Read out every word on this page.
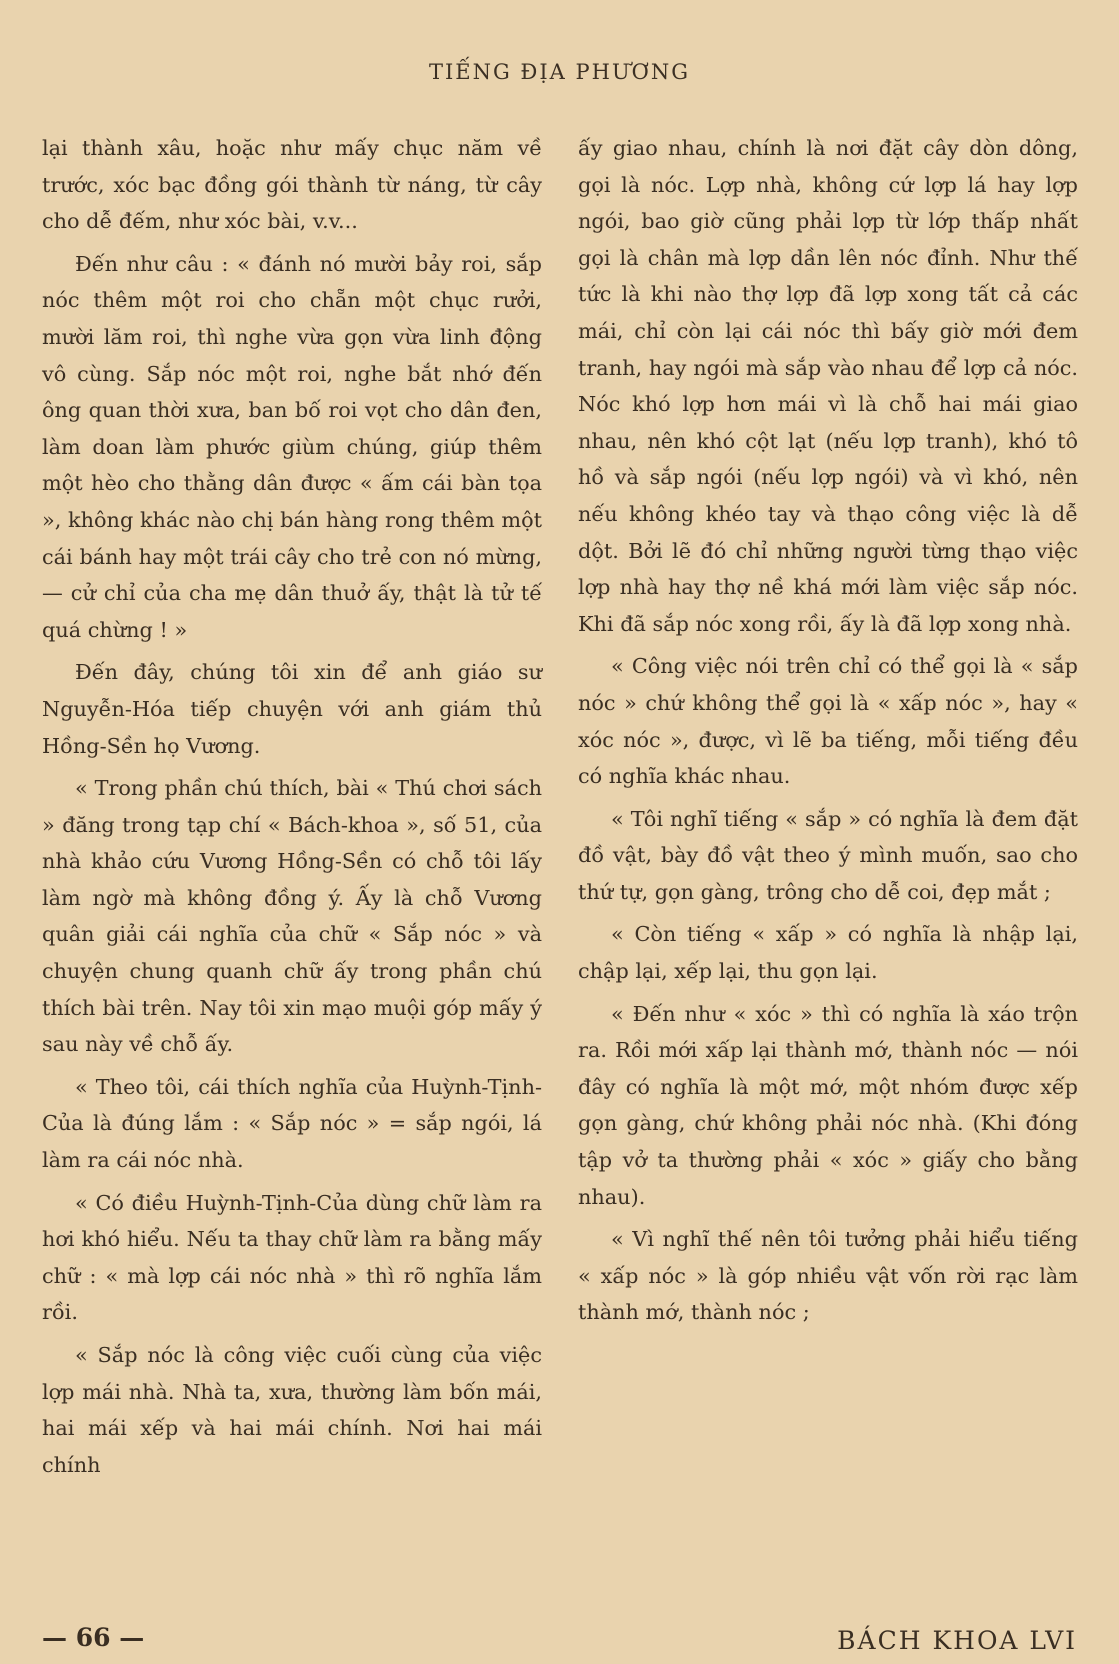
TIẾNG ĐỊA PHƯƠNG

lại thành xâu, hoặc như mấy chục năm về trước, xóc bạc đồng gói thành từ náng, từ cây cho dễ đếm, như xóc bài, v.v...

Đến như câu : « đánh nó mười bảy roi, sắp nóc thêm một roi cho chẵn một chục rưởi, mười lăm roi, thì nghe vừa gọn vừa linh động vô cùng. Sắp nóc một roi, nghe bắt nhớ đến ông quan thời xưa, ban bố roi vọt cho dân đen, làm doan làm phước giùm chúng, giúp thêm một hèo cho thằng dân được « ấm cái bàn tọa », không khác nào chị bán hàng rong thêm một cái bánh hay một trái cây cho trẻ con nó mừng, — cử chỉ của cha mẹ dân thuở ấy, thật là tử tế quá chừng ! »

Đến đây, chúng tôi xin để anh giáo sư Nguyễn-Hóa tiếp chuyện với anh giám thủ Hồng-Sền họ Vương.

« Trong phần chú thích, bài « Thú chơi sách » đăng trong tạp chí « Bách-khoa », số 51, của nhà khảo cứu Vương Hồng-Sền có chỗ tôi lấy làm ngờ mà không đồng ý. Ấy là chỗ Vương quân giải cái nghĩa của chữ « Sắp nóc » và chuyện chung quanh chữ ấy trong phần chú thích bài trên. Nay tôi xin mạo muội góp mấy ý sau này về chỗ ấy.

« Theo tôi, cái thích nghĩa của Huỳnh-Tịnh-Của là đúng lắm : « Sắp nóc » = sắp ngói, lá làm ra cái nóc nhà.

« Có điều Huỳnh-Tịnh-Của dùng chữ làm ra hơi khó hiểu. Nếu ta thay chữ làm ra bằng mấy chữ : « mà lợp cái nóc nhà » thì rõ nghĩa lắm rồi.

« Sắp nóc là công việc cuối cùng của việc lợp mái nhà. Nhà ta, xưa, thường làm bốn mái, hai mái xếp và hai mái chính. Nơi hai mái chính

ấy giao nhau, chính là nơi đặt cây dòn dông, gọi là nóc. Lợp nhà, không cứ lợp lá hay lợp ngói, bao giờ cũng phải lợp từ lớp thấp nhất gọi là chân mà lợp dần lên nóc đỉnh. Như thế tức là khi nào thợ lợp đã lợp xong tất cả các mái, chỉ còn lại cái nóc thì bấy giờ mới đem tranh, hay ngói mà sắp vào nhau để lợp cả nóc. Nóc khó lợp hơn mái vì là chỗ hai mái giao nhau, nên khó cột lạt (nếu lợp tranh), khó tô hồ và sắp ngói (nếu lợp ngói) và vì khó, nên nếu không khéo tay và thạo công việc là dễ dột. Bởi lẽ đó chỉ những người từng thạo việc lợp nhà hay thợ nề khá mới làm việc sắp nóc. Khi đã sắp nóc xong rồi, ấy là đã lợp xong nhà.

« Công việc nói trên chỉ có thể gọi là « sắp nóc » chứ không thể gọi là « xấp nóc », hay « xóc nóc », được, vì lẽ ba tiếng, mỗi tiếng đều có nghĩa khác nhau.

« Tôi nghĩ tiếng « sắp » có nghĩa là đem đặt đồ vật, bày đồ vật theo ý mình muốn, sao cho thứ tự, gọn gàng, trông cho dễ coi, đẹp mắt ;

« Còn tiếng « xấp » có nghĩa là nhập lại, chập lại, xếp lại, thu gọn lại.

« Đến như « xóc » thì có nghĩa là xáo trộn ra. Rồi mới xấp lại thành mớ, thành nóc — nói đây có nghĩa là một mớ, một nhóm được xếp gọn gàng, chứ không phải nóc nhà. (Khi đóng tập vở ta thường phải « xóc » giấy cho bằng nhau).

« Vì nghĩ thế nên tôi tưởng phải hiểu tiếng « xấp nóc » là góp nhiều vật vốn rời rạc làm thành mớ, thành nóc ;

— 66 —	BÁCH KHOA LVI
